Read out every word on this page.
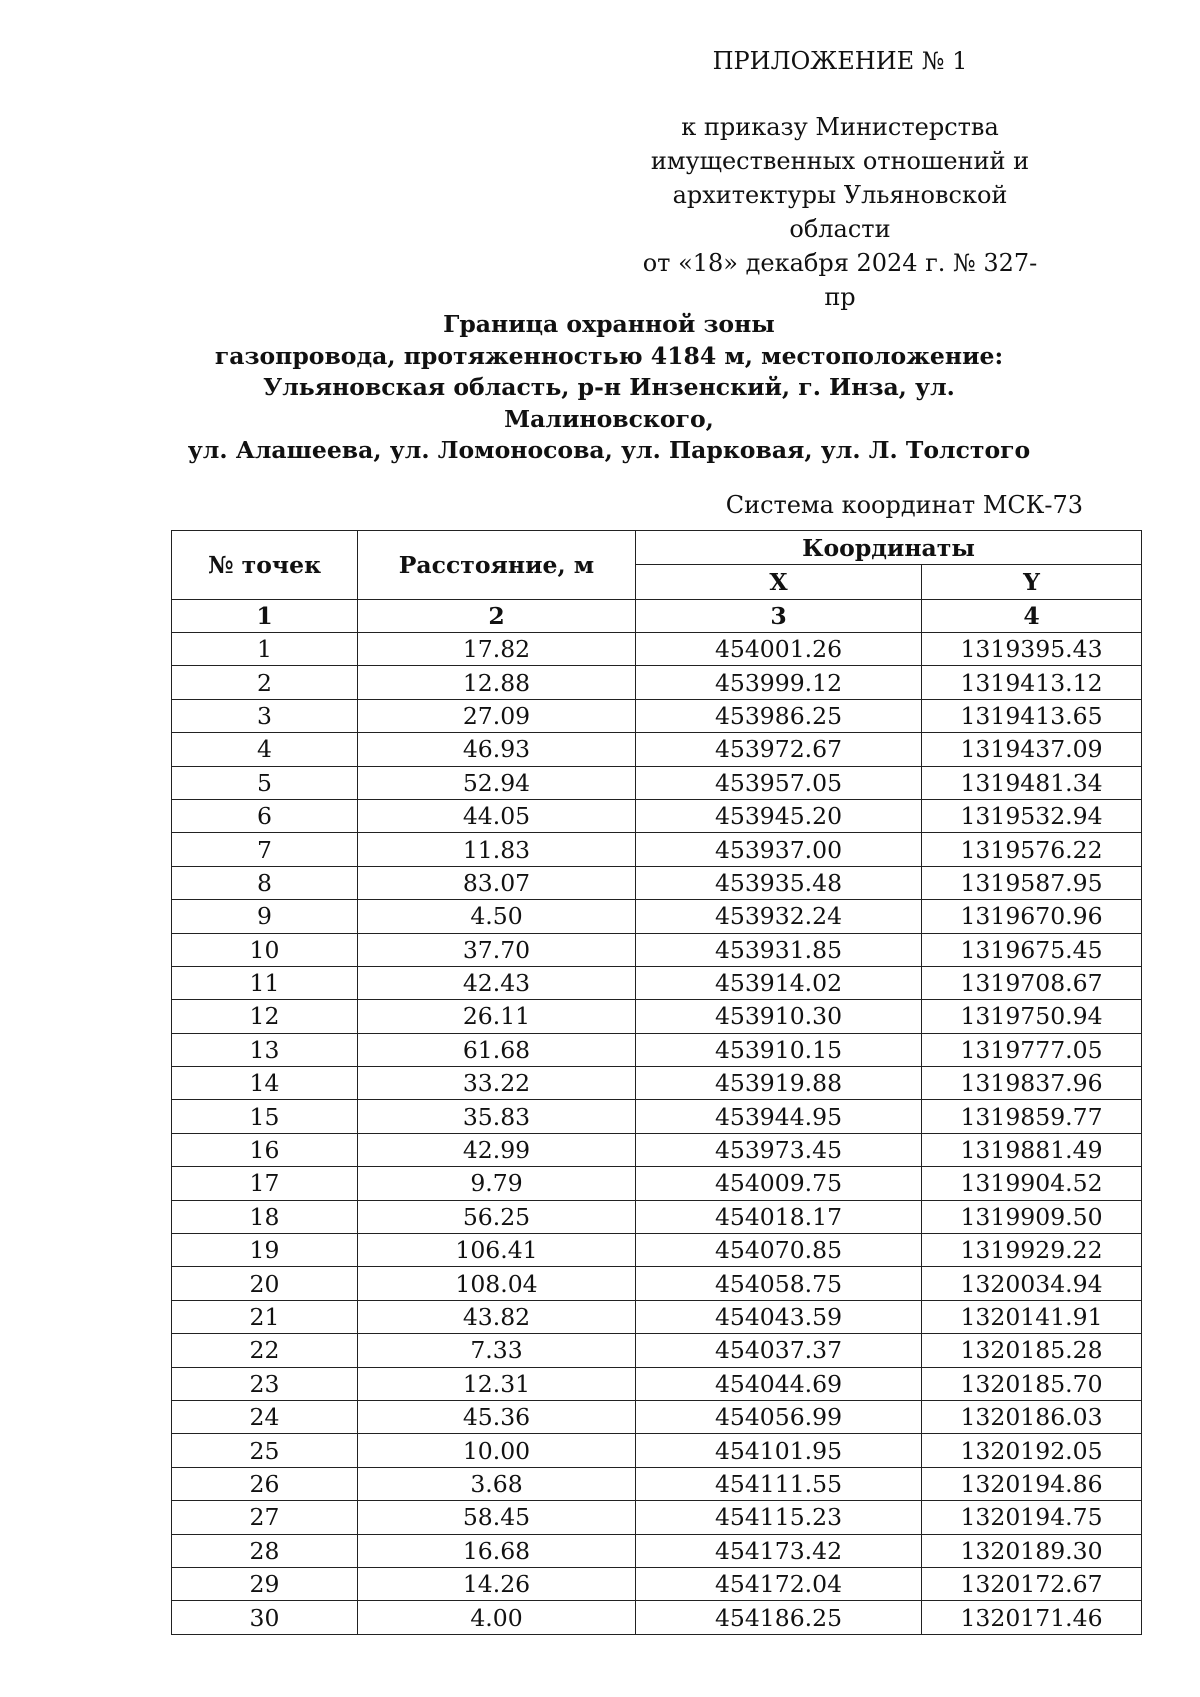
ПРИЛОЖЕНИЕ № 1
к приказу Министерства
имущественных отношений и
архитектуры Ульяновской области
от «18» декабря 2024 г. № 327-пр
Граница охранной зоны
газопровода, протяженностью 4184 м, местоположение:
Ульяновская область, р-н Инзенский, г. Инза, ул. Малиновского,
ул. Алашеева, ул. Ломоносова, ул. Парковая, ул. Л. Толстого
Система координат МСК-73
№ точек	Расстояние, м	Координаты	
		X	Y
1	2	3	4
1	17.82	454001.26	1319395.43
2	12.88	453999.12	1319413.12
3	27.09	453986.25	1319413.65
4	46.93	453972.67	1319437.09
5	52.94	453957.05	1319481.34
6	44.05	453945.20	1319532.94
7	11.83	453937.00	1319576.22
8	83.07	453935.48	1319587.95
9	4.50	453932.24	1319670.96
10	37.70	453931.85	1319675.45
11	42.43	453914.02	1319708.67
12	26.11	453910.30	1319750.94
13	61.68	453910.15	1319777.05
14	33.22	453919.88	1319837.96
15	35.83	453944.95	1319859.77
16	42.99	453973.45	1319881.49
17	9.79	454009.75	1319904.52
18	56.25	454018.17	1319909.50
19	106.41	454070.85	1319929.22
20	108.04	454058.75	1320034.94
21	43.82	454043.59	1320141.91
22	7.33	454037.37	1320185.28
23	12.31	454044.69	1320185.70
24	45.36	454056.99	1320186.03
25	10.00	454101.95	1320192.05
26	3.68	454111.55	1320194.86
27	58.45	454115.23	1320194.75
28	16.68	454173.42	1320189.30
29	14.26	454172.04	1320172.67
30	4.00	454186.25	1320171.46
